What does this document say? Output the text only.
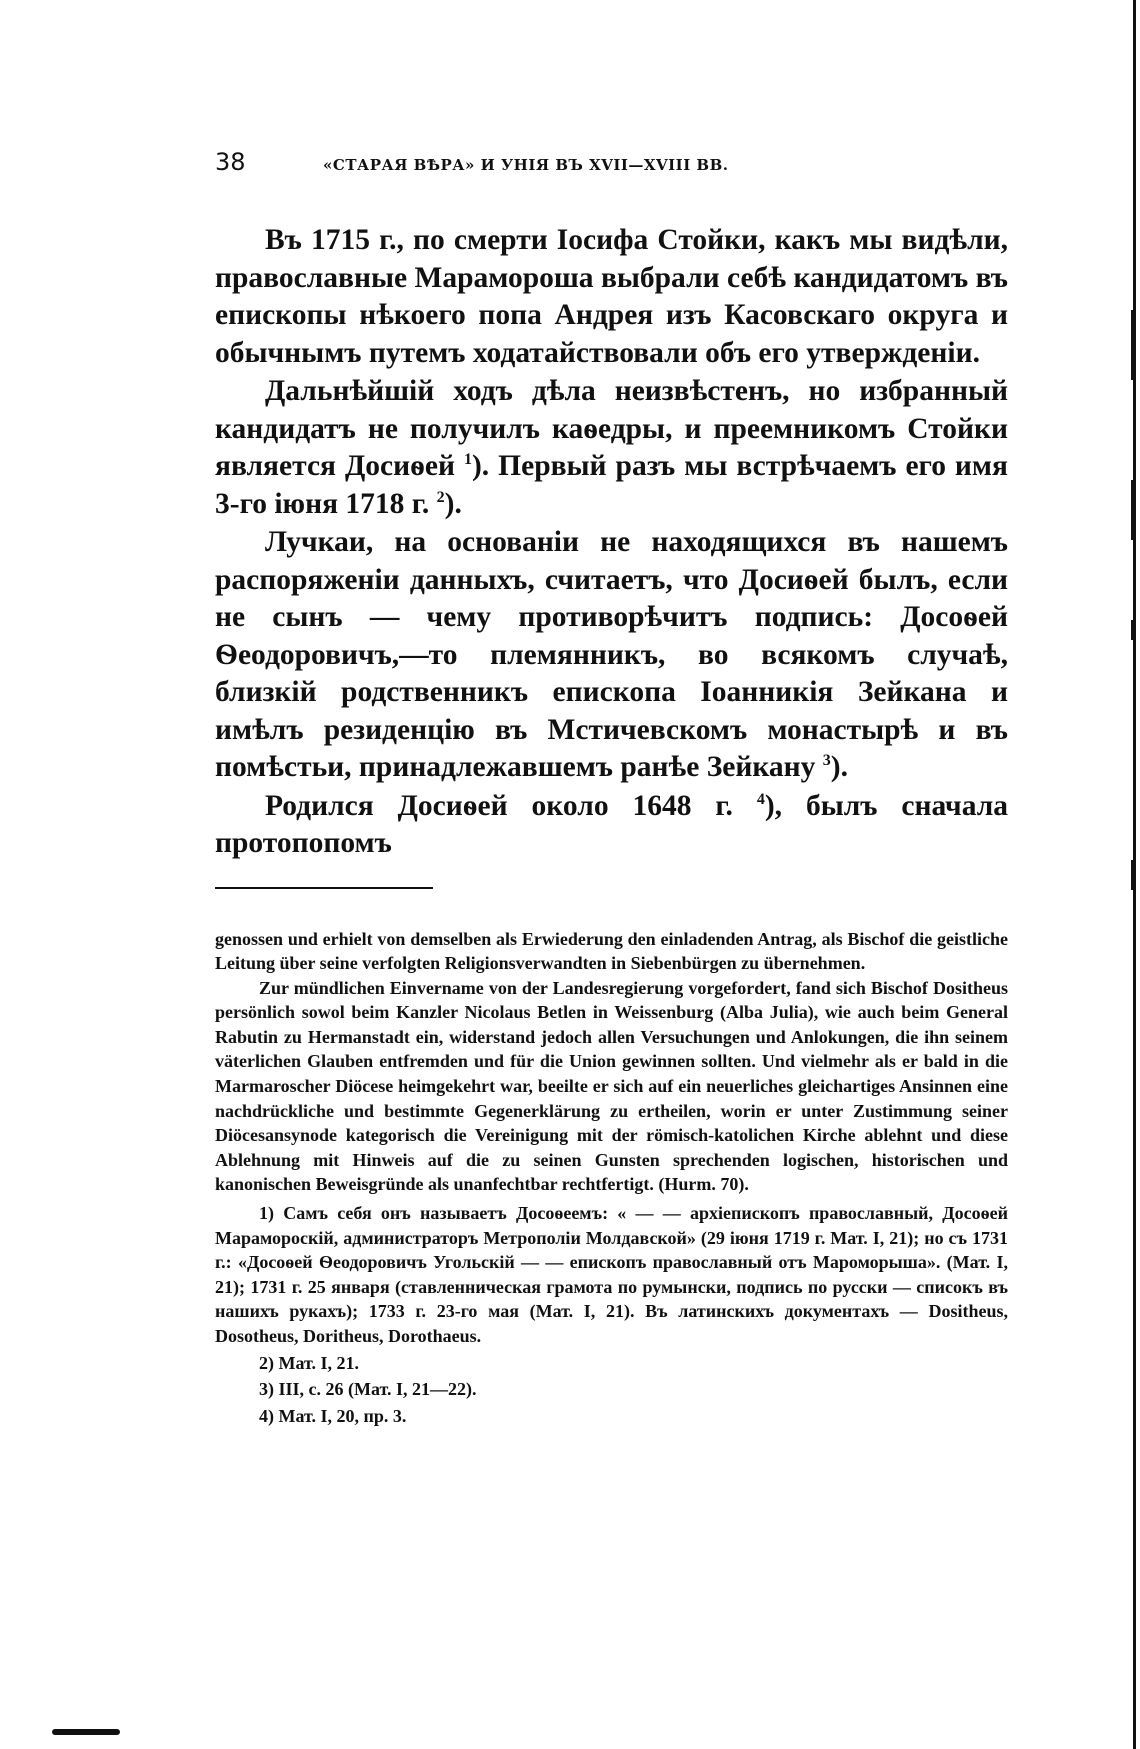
38	«СТАРАЯ ВѢРА» И УНІЯ ВЪ XVII—XVIII ВВ.

Въ 1715 г., по смерти Іосифа Стойки, какъ мы видѣли, православные Марамороша выбрали себѣ кандидатомъ въ епископы нѣкоего попа Андрея изъ Касовскаго округа и обычнымъ путемъ ходатайствовали объ его утвержденіи.

Дальнѣйшій ходъ дѣла неизвѣстенъ, но избранный кандидатъ не получилъ каѳедры, и преемникомъ Стойки является Досиѳей $^1$). Первый разъ мы встрѣчаемъ его имя 3-го іюня 1718 г. $^2$).

Лучкаи, на основаніи не находящихся въ нашемъ распоряженіи данныхъ, считаетъ, что Досиѳей былъ, если не сынъ — чему противорѣчитъ подпись: Досоѳей Ѳеодоровичъ,—то племянникъ, во всякомъ случаѣ, близкій родственникъ епископа Іоанникія Зейкана и имѣлъ резиденцію въ Мстичевскомъ монастырѣ и въ помѣстьи, принадлежавшемъ ранѣе Зейкану $^3$).

Родился Досиѳей около 1648 г. $^4$), былъ сначала протопопомъ

genossen und erhielt von demselben als Erwiederung den einladenden Antrag, als Bischof die geistliche Leitung über seine verfolgten Religionsverwandten in Siebenbürgen zu übernehmen.

Zur mündlichen Einvername von der Landesregierung vorgefordert, fand sich Bischof Dositheus persönlich sowol beim Kanzler Nicolaus Betlen in Weissenburg (Alba Julia), wie auch beim General Rabutin zu Hermanstadt ein, widerstand jedoch allen Versuchungen und Anlokungen, die ihn seinem väterlichen Glauben entfremden und für die Union gewinnen sollten. Und vielmehr als er bald in die Marmaroscher Diöcese heimgekehrt war, beeilte er sich auf ein neuerliches gleichartiges Ansinnen eine nachdrückliche und bestimmte Gegenerklärung zu ertheilen, worin er unter Zustimmung seiner Diöcesansynode kategorisch die Vereinigung mit der römisch-katolichen Kirche ablehnt und diese Ablehnung mit Hinweis auf die zu seinen Gunsten sprechenden logischen, historischen und kanonischen Beweisgründe als unanfechtbar rechtfertigt. (Hurm. 70).

1) Самъ себя онъ называетъ Досоѳеемъ: « — — архіепископъ православный, Досоѳей Марамороскій, администраторъ Метрополіи Молдавской» (29 іюня 1719 г. Мат. I, 21); но съ 1731 г.: «Досоѳей Ѳеодоровичъ Угольскій — — епископъ православный отъ Мароморыша». (Мат. I, 21); 1731 г. 25 января (ставленническая грамота по румынски, подпись по русски — списокъ въ нашихъ рукахъ); 1733 г. 23-го мая (Мат. I, 21). Въ латинскихъ документахъ — Dositheus, Dosotheus, Doritheus, Dorothaeus.

2) Мат. I, 21.

3) III, с. 26 (Мат. I, 21—22).

4) Мат. I, 20, пр. 3.
